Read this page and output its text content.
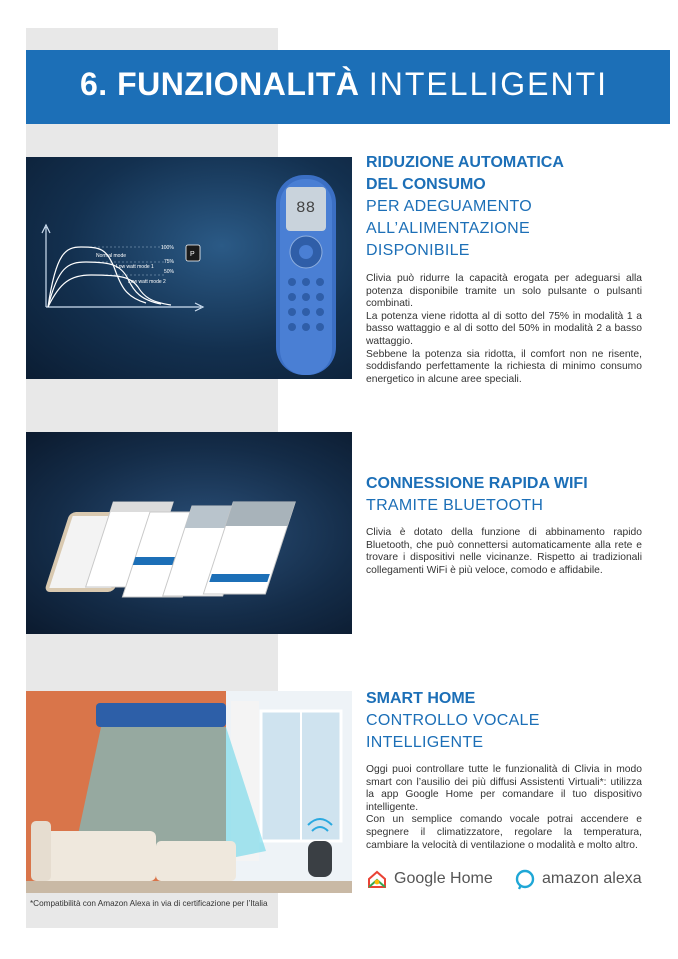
6. FUNZIONALITÀ INTELLIGENTI
100%
75%
50%
Normal mode
Low watt mode 1
Low watt mode 2
P
88
RIDUZIONE AUTOMATICA
DEL CONSUMO
PER ADEGUAMENTO
ALL’ALIMENTAZIONE
DISPONIBILE

Clivia può ridurre la capacità erogata per adeguarsi alla potenza disponibile tramite un solo pulsante o pulsanti combinati.

La potenza viene ridotta al di sotto del 75% in modalità 1 a basso wattaggio e al di sotto del 50% in modalità 2 a basso wattaggio.

Sebbene la potenza sia ridotta, il comfort non ne risente, soddisfando perfettamente la richiesta di minimo consumo energetico in alcune aree speciali.

CONNESSIONE RAPIDA WIFI
TRAMITE BLUETOOTH

Clivia è dotato della funzione di abbinamento rapido Bluetooth, che può connettersi automaticamente alla rete e trovare i dispositivi nelle vicinanze. Rispetto ai tradizionali collegamenti WiFi è più veloce, comodo e affidabile.

SMART HOME
CONTROLLO VOCALE
INTELLIGENTE

Oggi puoi controllare tutte le funzionalità di Clivia in modo smart con l’ausilio dei più diffusi Assistenti Virtuali*: utilizza la app Google Home per comandare il tuo dispositivo intelligente.

Con un semplice comando vocale potrai accendere e spegnere il climatizzatore, regolare la temperatura, cambiare la velocità di ventilazione o modalità e molto altro.

Google Home	amazon alexa
*Compatibilità con Amazon Alexa in via di certificazione per l’Italia
